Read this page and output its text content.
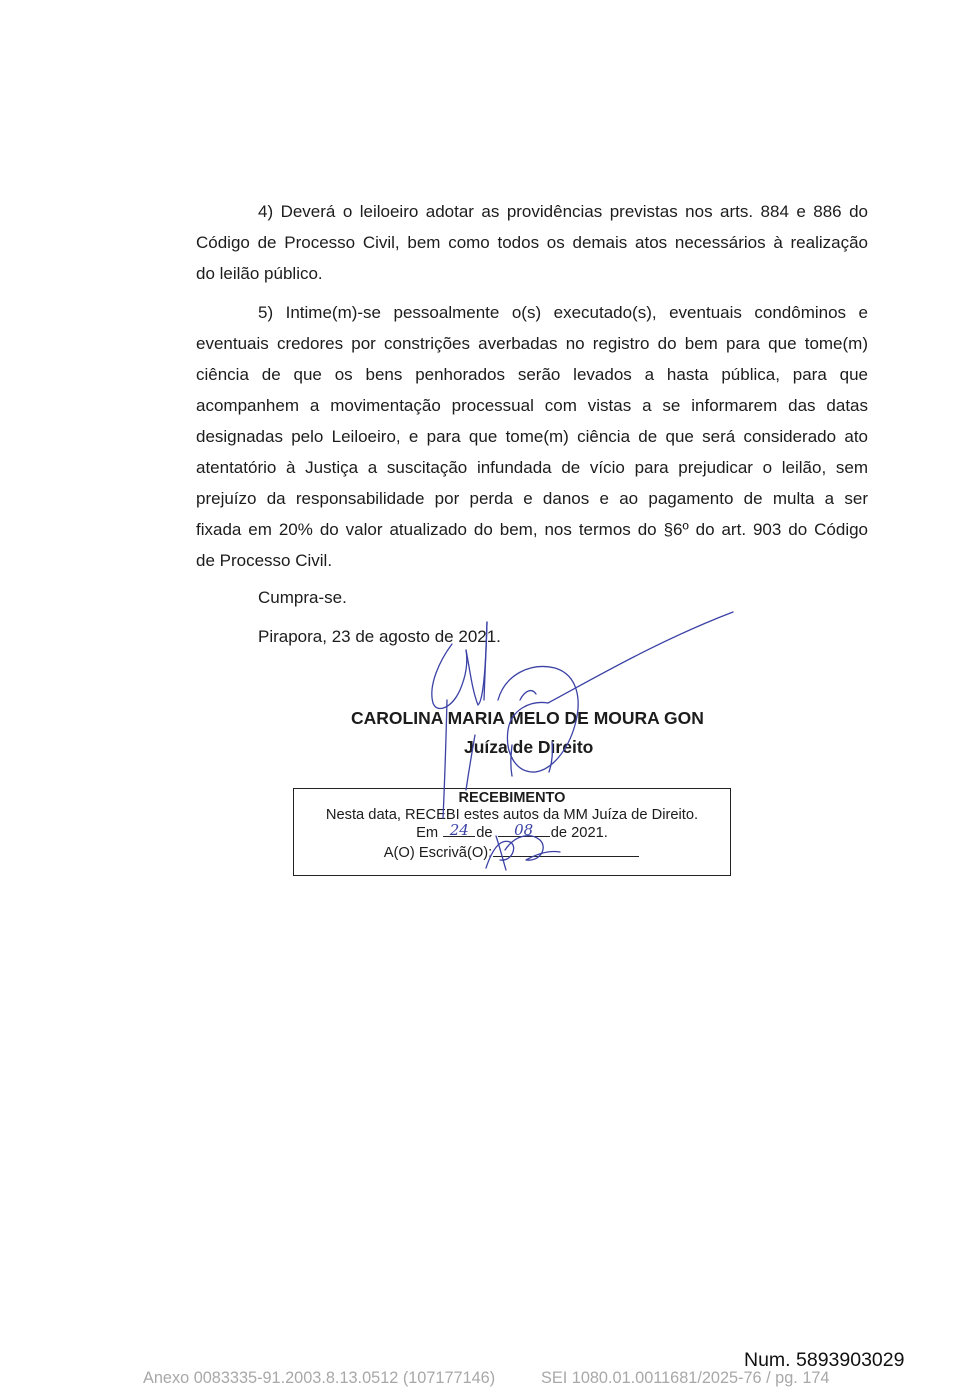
4) Deverá o leiloeiro adotar as providências previstas nos arts. 884 e 886 do
Código de Processo Civil, bem como todos os demais atos necessários à realização
do leilão público.
5) Intime(m)-se pessoalmente o(s) executado(s), eventuais condôminos e
eventuais credores por constrições averbadas no registro do bem para que tome(m)
ciência de que os bens penhorados serão levados a hasta pública, para que
acompanhem a movimentação processual com vistas a se informarem das datas
designadas pelo Leiloeiro, e para que tome(m) ciência de que será considerado ato
atentatório à Justiça a suscitação infundada de vício para prejudicar o leilão, sem
prejuízo da responsabilidade por perda e danos e ao pagamento de multa a ser
fixada em 20% do valor atualizado do bem, nos termos do §6º do art. 903 do Código
de Processo Civil.
Cumpra-se.
Pirapora, 23 de agosto de 2021.
CAROLINA MARIA MELO DE MOURA GON
Juíza de Direito
RECEBIMENTO
Nesta data, RECEBI estes autos da MM Juíza de Direito.
Em 24 de	08	de 2021.
A(O) Escrivã(O):
Num. 5893903029
Anexo 0083335-91.2003.8.13.0512 (107177146)	SEI 1080.01.0011681/2025-76 / pg. 174
